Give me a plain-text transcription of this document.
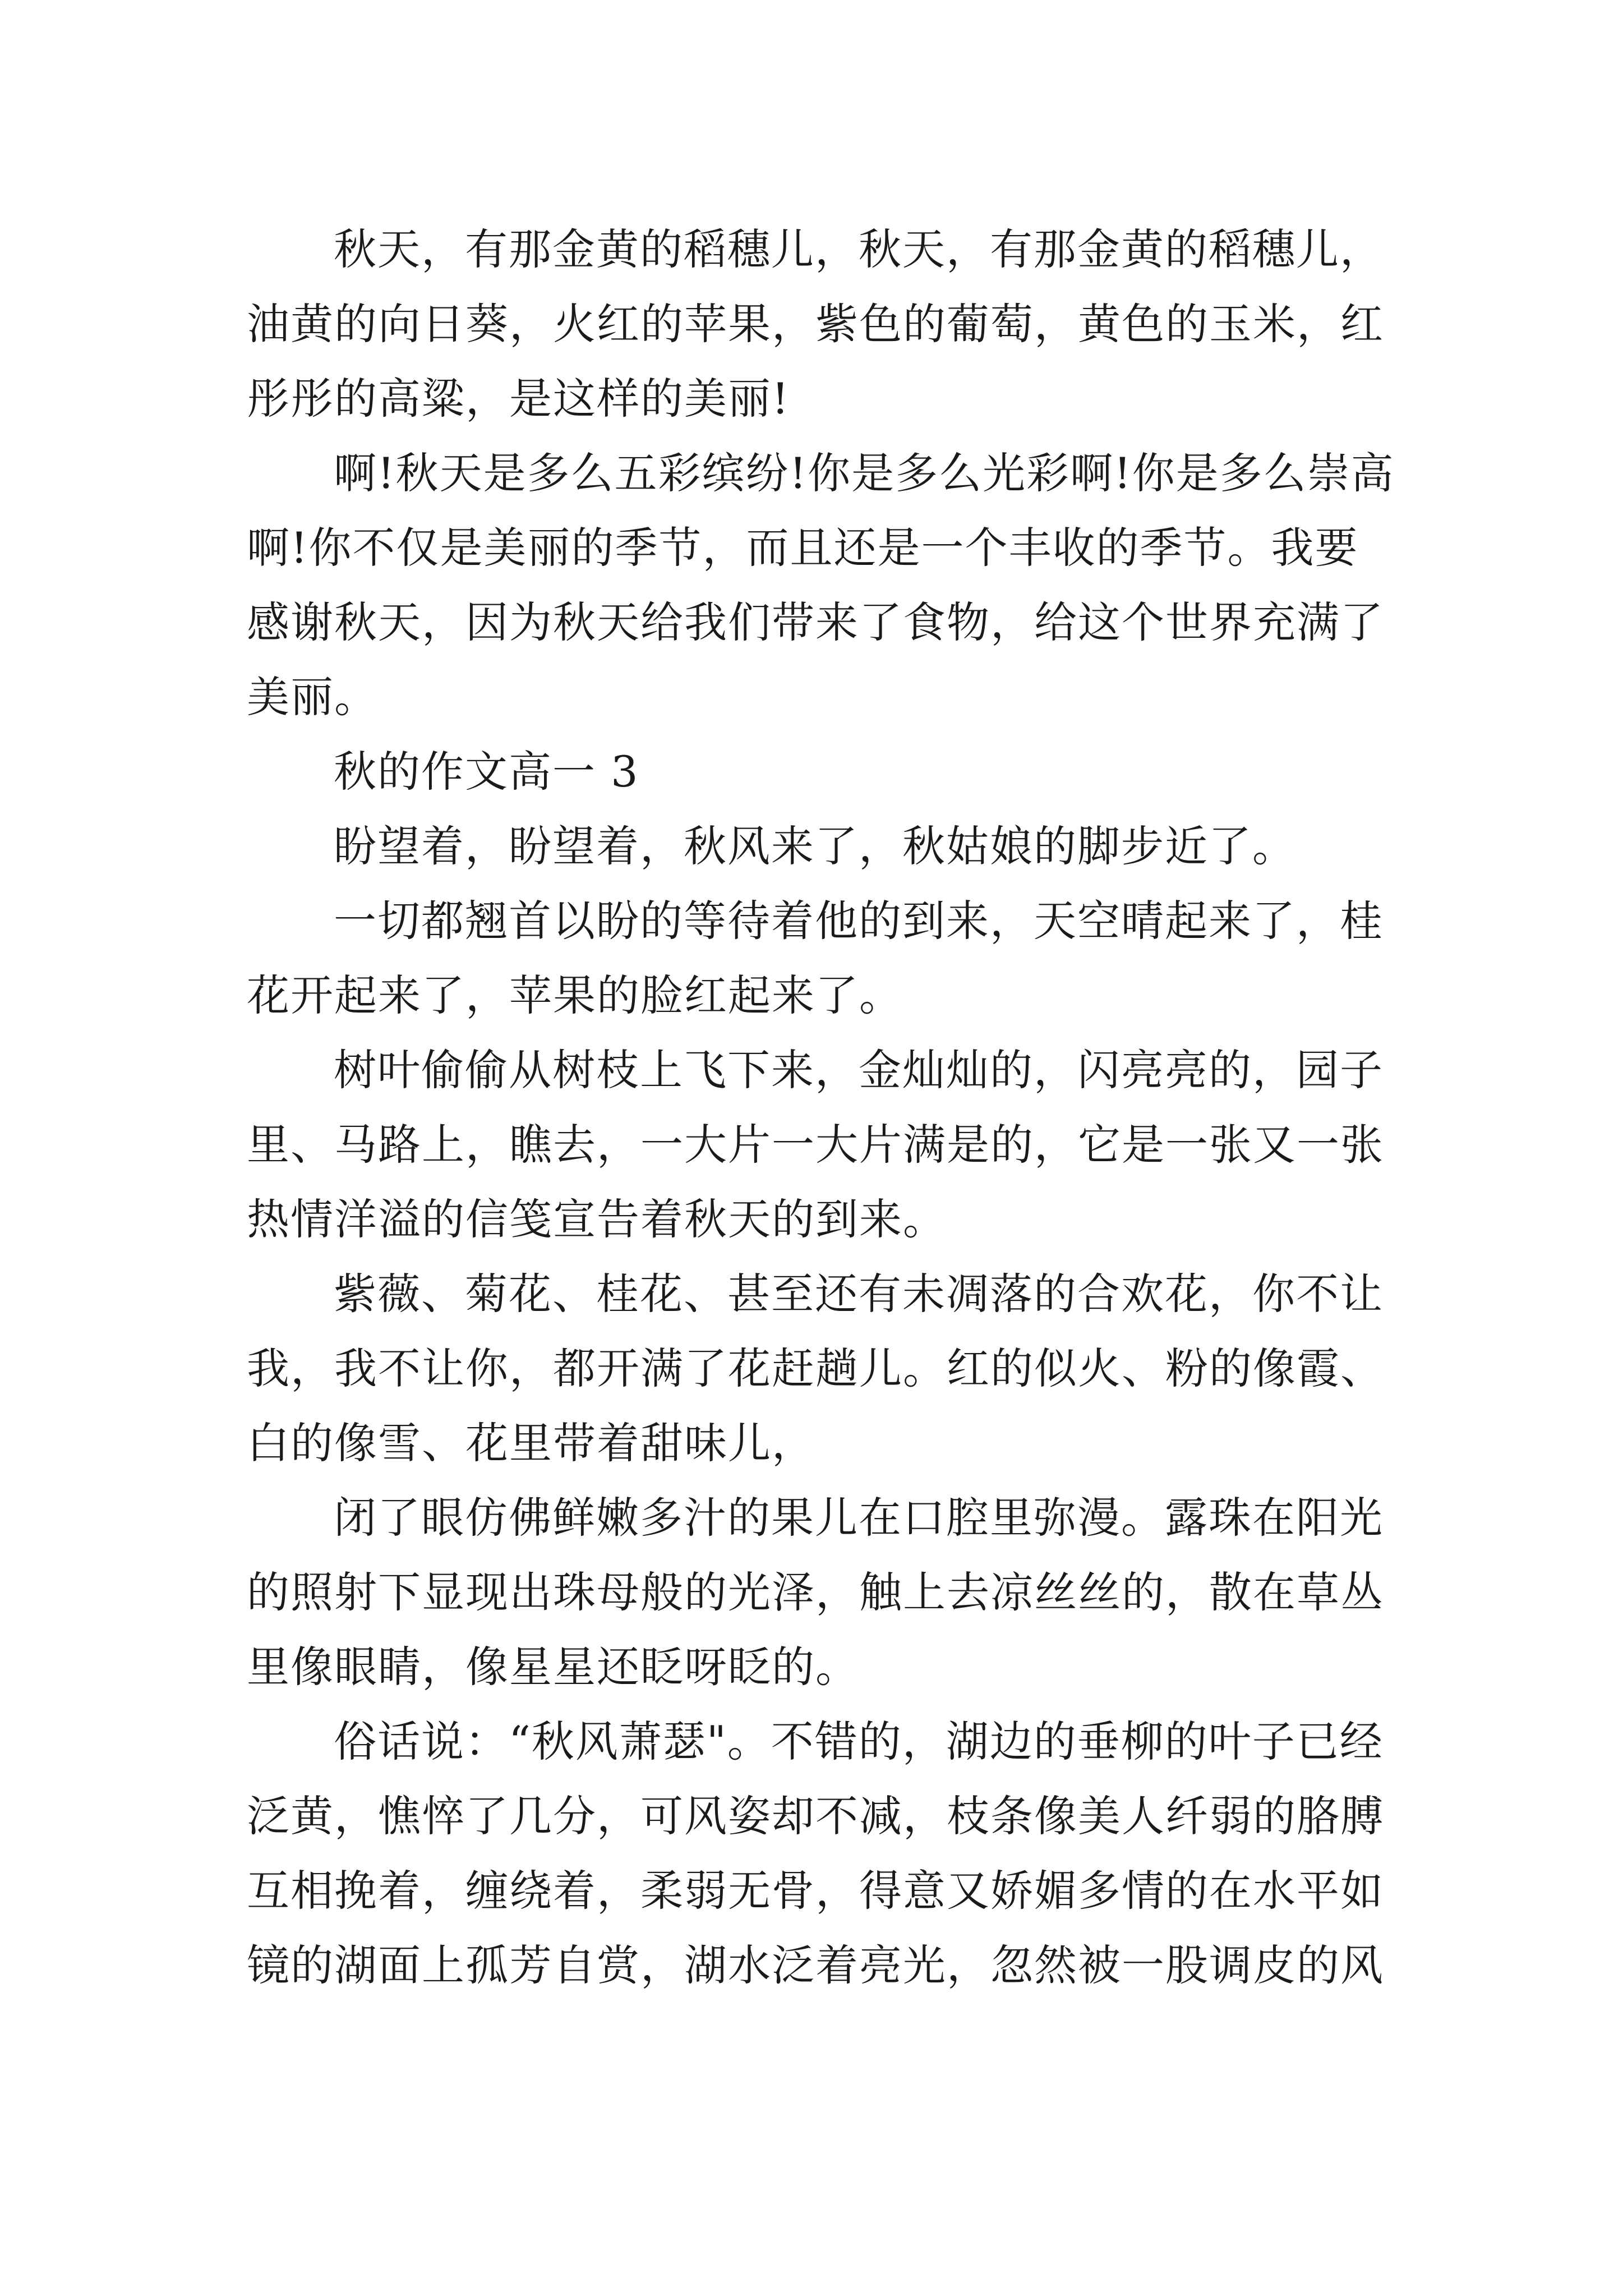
秋天，有那金黄的稻穗儿，秋天，有那金黄的稻穗儿，油黄的向日葵，火红的苹果，紫色的葡萄，黄色的玉米，红彤彤的高粱，是这样的美丽!

啊!秋天是多么五彩缤纷!你是多么光彩啊!你是多么崇高啊!你不仅是美丽的季节，而且还是一个丰收的季节。我要感谢秋天，因为秋天给我们带来了食物，给这个世界充满了美丽。

秋的作文高一 3

盼望着，盼望着，秋风来了，秋姑娘的脚步近了。

一切都翘首以盼的等待着他的到来，天空晴起来了，桂花开起来了，苹果的脸红起来了。

树叶偷偷从树枝上飞下来，金灿灿的，闪亮亮的，园子里、马路上，瞧去，一大片一大片满是的，它是一张又一张热情洋溢的信笺宣告着秋天的到来。

紫薇、菊花、桂花、甚至还有未凋落的合欢花，你不让我，我不让你，都开满了花赶趟儿。红的似火、粉的像霞、白的像雪、花里带着甜味儿，

闭了眼仿佛鲜嫩多汁的果儿在口腔里弥漫。露珠在阳光的照射下显现出珠母般的光泽，触上去凉丝丝的，散在草丛里像眼睛，像星星还眨呀眨的。

俗话说：“秋风萧瑟"。不错的，湖边的垂柳的叶子已经泛黄，憔悴了几分，可风姿却不减，枝条像美人纤弱的胳膊互相挽着，缠绕着，柔弱无骨，得意又娇媚多情的在水平如镜的湖面上孤芳自赏，湖水泛着亮光，忽然被一股调皮的风
